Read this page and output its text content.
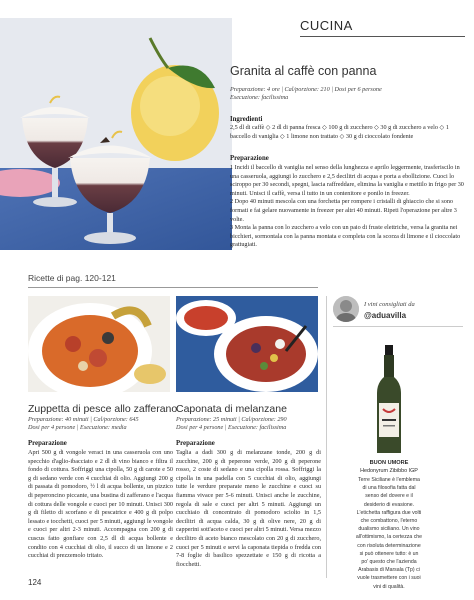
CUCINA
Granita al caffè con panna
Preparazione: 4 ore | Cal/porzione: 210 | Dosi per 6 persone
Esecuzione: facilissima
Ingredienti
2,5 dl di caffè ◇ 2 dl di panna fresca ◇ 100 g di zucchero ◇ 30 g di zucchero a velo ◇ 1 baccello di vaniglia ◇ 1 limone non trattato ◇ 30 g di cioccolato fondente
Preparazione

1 Incidi il baccello di vaniglia nel senso della lunghezza e aprilo leggermente, trasferiscilo in una casseruola, aggiungi lo zucchero e 2,5 decilitri di acqua e porta a ebollizione. Cuoci lo sciroppo per 30 secondi, spegni, lascia raffreddare, elimina la vaniglia e mettilo in frigo per 30 minuti. Unisci il caffè, versa il tutto in un contenitore e ponilo in freezer.

2 Dopo 40 minuti mescola con una forchetta per rompere i cristalli di ghiaccio che si sono formati e fai gelare nuovamente in freezer per altri 40 minuti. Ripeti l'operazione per altre 3 volte.

3 Monta la panna con lo zucchero a velo con un paio di fruste elettriche, versa la granita nei bicchieri, sormontala con la panna montata e completa con la scorza di limone e il cioccolato grattugiati.

Ricette di pag. 120-121
Zuppetta di pesce allo zafferano
Preparazione: 40 minuti | Cal/porzione: 645
Dosi per 4 persone | Esecuzione: media
Preparazione
Apri 500 g di vongole veraci in una casseruola con uno specchio d'aglio-ibacciato e 2 dl di vino bianco e filtra il fondo di cottura. Soffriggi una cipolla, 50 g di carote e 50 g di sedano verde con 4 cucchiai di olio. Aggiungi 200 g di passata di pomodoro, ½ l di acqua bollente, un pizzico di peperoncino piccante, una bustina di zafferano e l'acqua di cottura delle vongole e cuoci per 10 minuti. Unisci 300 g di filetto di scorfano e di pescatrice e 400 g di polpo lessato e tocchetti, cuoci per 5 minuti, aggiungi le vongole e cuoci per altri 2-3 minuti. Accompagna con 200 g di cuscus fatto gonfiare con 2,5 dl di acqua bollente e condito con 4 cucchiai di olio, il succo di un limone e 2 cucchiai di prezzemolo tritato.
Caponata di melanzane
Preparazione: 25 minuti | Cal/porzione: 290
Dosi per 4 persone | Esecuzione: facilissima
Preparazione
Taglia a dadi 300 g di melanzane tonde, 200 g di zucchine, 200 g di peperone verde, 200 g di peperone rosso, 2 coste di sedano e una cipolla rossa. Soffriggi la cipolla in una padella con 5 cucchiai di olio, aggiungi tutte le verdure preparate meno le zucchine e cuoci su fiamma vivace per 5-6 minuti. Unisci anche le zucchine, regola di sale e cuoci per altri 5 minuti. Aggiungi un cucchiaio di concentrato di pomodoro sciolto in 1,5 decilitri di acqua calda, 30 g di olive nere, 20 g di capperini sott'aceto e cuoci per altri 5 minuti. Versa mezzo decilitro di aceto bianco mescolato con 20 g di zucchero, cuoci per 5 minuti e servi la caponata tiepida o fredda con 7-8 foglie di basilico spezzettate e 150 g di ricotta a fiocchetti.
I vini consigliati da
@aduavilla
BUON UMORE
Hedonyrum Zibibbo IGP
Terre Siciliane è l'emblema
di una filosofia fatta dal
senso del dovere e il
desiderio di evasione.
L'etichetta raffigura due volti
che combattono, l'eterno
dualismo siciliano. Un vino
all'ottimismo, la certezza che
con risoluta determinazione
si può ottenere tutto: è un
po' questo che l'azienda
Arabasis di Marsala (Tp) ci
vuole trasmettere con i suoi
vini di qualità.
124
